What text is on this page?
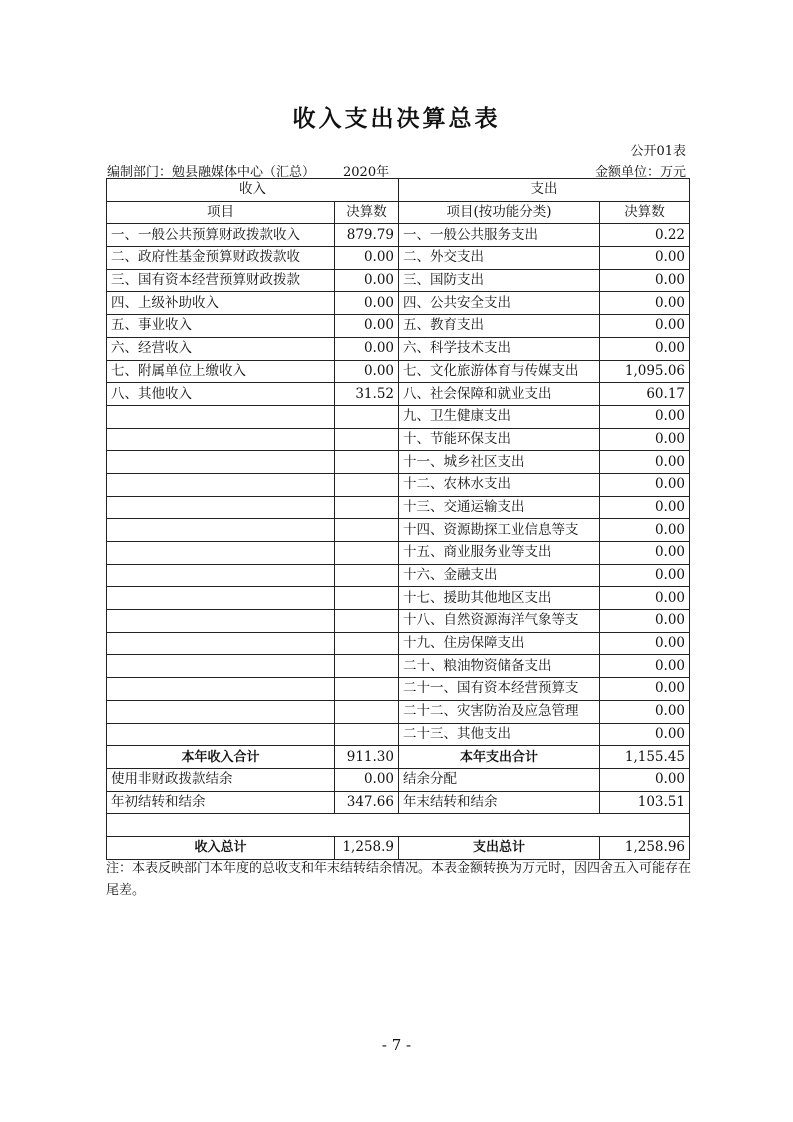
收入支出决算总表
公开01表
编制部门：勉县融媒体中心（汇总） 2020年	金额单位：万元
收入		支出	
项目	决算数	项目(按功能分类)	决算数
一、一般公共预算财政拨款收入	879.79	一、一般公共服务支出	0.22
二、政府性基金预算财政拨款收	0.00	二、外交支出	0.00
三、国有资本经营预算财政拨款	0.00	三、国防支出	0.00
四、上级补助收入	0.00	四、公共安全支出	0.00
五、事业收入	0.00	五、教育支出	0.00
六、经营收入	0.00	六、科学技术支出	0.00
七、附属单位上缴收入	0.00	七、文化旅游体育与传媒支出	1,095.06
八、其他收入	31.52	八、社会保障和就业支出	60.17
		九、卫生健康支出	0.00
		十、节能环保支出	0.00
		十一、城乡社区支出	0.00
		十二、农林水支出	0.00
		十三、交通运输支出	0.00
		十四、资源勘探工业信息等支	0.00
		十五、商业服务业等支出	0.00
		十六、金融支出	0.00
		十七、援助其他地区支出	0.00
		十八、自然资源海洋气象等支	0.00
		十九、住房保障支出	0.00
		二十、粮油物资储备支出	0.00
		二十一、国有资本经营预算支	0.00
		二十二、灾害防治及应急管理	0.00
		二十三、其他支出	0.00
本年收入合计	911.30	本年支出合计	1,155.45
使用非财政拨款结余	0.00	结余分配	0.00
年初结转和结余	347.66	年末结转和结余	103.51

收入总计	1,258.9	支出总计	1,258.96
注：本表反映部门本年度的总收支和年末结转结余情况。本表金额转换为万元时，因四舍五入可能存在尾差。
- 7 -
